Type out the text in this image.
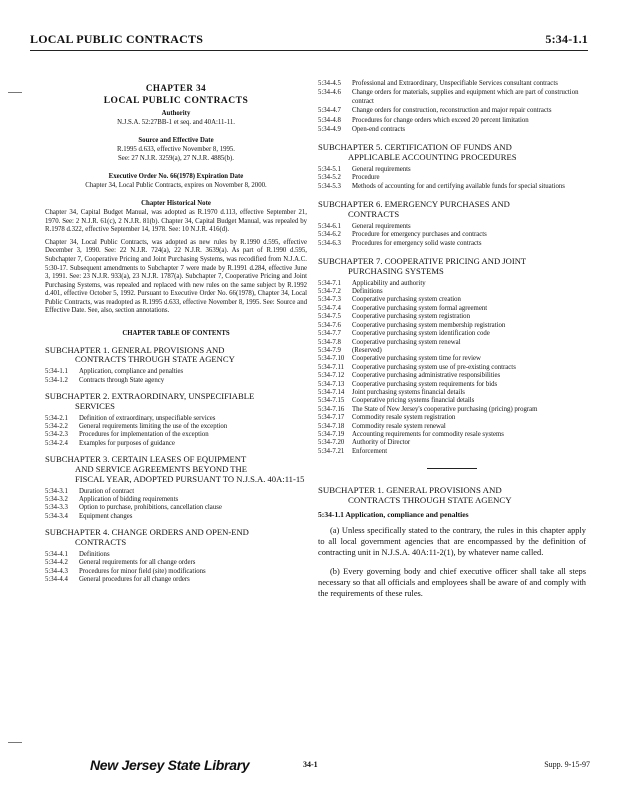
LOCAL PUBLIC CONTRACTS	5:34-1.1
CHAPTER 34
LOCAL PUBLIC CONTRACTS
Authority
N.J.S.A. 52:27BB-1 et seq. and 40A:11-11.
Source and Effective Date
R.1995 d.633, effective November 8, 1995.
See: 27 N.J.R. 3259(a), 27 N.J.R. 4885(b).
Executive Order No. 66(1978) Expiration Date
Chapter 34, Local Public Contracts, expires on November 8, 2000.
Chapter Historical Note

Chapter 34, Capital Budget Manual, was adopted as R.1970 d.113, effective September 21, 1970. See: 2 N.J.R. 61(c), 2 N.J.R. 81(b). Chapter 34, Capital Budget Manual, was repealed by R.1978 d.322, effective September 14, 1978. See: 10 N.J.R. 416(d).

Chapter 34, Local Public Contracts, was adopted as new rules by R.1990 d.595, effective December 3, 1990. See: 22 N.J.R. 724(a), 22 N.J.R. 3639(a). As part of R.1990 d.595, Subchapter 7, Cooperative Pricing and Joint Purchasing Systems, was recodified from N.J.A.C. 5:30-17. Subsequent amendments to Subchapter 7 were made by R.1991 d.284, effective June 3, 1991. See: 23 N.J.R. 933(a), 23 N.J.R. 1787(a). Subchapter 7, Cooperative Pricing and Joint Purchasing Systems, was repealed and replaced with new rules on the same subject by R.1992 d.401, effective October 5, 1992. Pursuant to Executive Order No. 66(1978), Chapter 34, Local Public Contracts, was readopted as R.1995 d.633, effective November 8, 1995. See: Source and Effective Date. See, also, section annotations.

CHAPTER TABLE OF CONTENTS
SUBCHAPTER 1. GENERAL PROVISIONS AND
CONTRACTS THROUGH STATE AGENCY
5:34-1.1 Application, compliance and penalties
5:34-1.2 Contracts through State agency
SUBCHAPTER 2. EXTRAORDINARY, UNSPECIFIABLE
SERVICES
5:34-2.1 Definition of extraordinary, unspecifiable services
5:34-2.2 General requirements limiting the use of the exception
5:34-2.3 Procedures for implementation of the exception
5:34-2.4 Examples for purposes of guidance
SUBCHAPTER 3. CERTAIN LEASES OF EQUIPMENT
AND SERVICE AGREEMENTS BEYOND THE
FISCAL YEAR, ADOPTED PURSUANT TO N.J.S.A. 40A:11-15
5:34-3.1 Duration of contract
5:34-3.2 Application of bidding requirements
5:34-3.3 Option to purchase, prohibitions, cancellation clause
5:34-3.4 Equipment changes
SUBCHAPTER 4. CHANGE ORDERS AND OPEN-END
CONTRACTS
5:34-4.1 Definitions
5:34-4.2 General requirements for all change orders
5:34-4.3 Procedures for minor field (site) modifications
5:34-4.4 General procedures for all change orders
5:34-4.5 Professional and Extraordinary, Unspecifiable Services consultant contracts
5:34-4.6 Change orders for materials, supplies and equipment which are part of construction contract
5:34-4.7 Change orders for construction, reconstruction and major repair contracts
5:34-4.8 Procedures for change orders which exceed 20 percent limitation
5:34-4.9 Open-end contracts
SUBCHAPTER 5. CERTIFICATION OF FUNDS AND
APPLICABLE ACCOUNTING PROCEDURES
5:34-5.1 General requirements
5:34-5.2 Procedure
5:34-5.3 Methods of accounting for and certifying available funds for special situations
SUBCHAPTER 6. EMERGENCY PURCHASES AND
CONTRACTS
5:34-6.1 General requirements
5:34-6.2 Procedure for emergency purchases and contracts
5:34-6.3 Procedures for emergency solid waste contracts
SUBCHAPTER 7. COOPERATIVE PRICING AND JOINT
PURCHASING SYSTEMS
5:34-7.1 Applicability and authority
5:34-7.2 Definitions
5:34-7.3 Cooperative purchasing system creation
5:34-7.4 Cooperative purchasing system formal agreement
5:34-7.5 Cooperative purchasing system registration
5:34-7.6 Cooperative purchasing system membership registration
5:34-7.7 Cooperative purchasing system identification code
5:34-7.8 Cooperative purchasing system renewal
5:34-7.9 (Reserved)
5:34-7.10 Cooperative purchasing system time for review
5:34-7.11 Cooperative purchasing system use of pre-existing contracts
5:34-7.12 Cooperative purchasing administrative responsibilities
5:34-7.13 Cooperative purchasing system requirements for bids
5:34-7.14 Joint purchasing systems financial details
5:34-7.15 Cooperative pricing systems financial details
5:34-7.16 The State of New Jersey's cooperative purchasing (pricing) program
5:34-7.17 Commodity resale system registration
5:34-7.18 Commodity resale system renewal
5:34-7.19 Accounting requirements for commodity resale systems
5:34-7.20 Authority of Director
5:34-7.21 Enforcement
SUBCHAPTER 1. GENERAL PROVISIONS AND
CONTRACTS THROUGH STATE AGENCY
5:34-1.1 Application, compliance and penalties

(a) Unless specifically stated to the contrary, the rules in this chapter apply to all local government agencies that are encompassed by the definition of contracting unit in N.J.S.A. 40A:11-2(1), by whatever name called.

(b) Every governing body and chief executive officer shall take all steps necessary so that all officials and employees shall be aware of and comply with the requirements of these rules.

New Jersey State Library	34-1	Supp. 9-15-97
